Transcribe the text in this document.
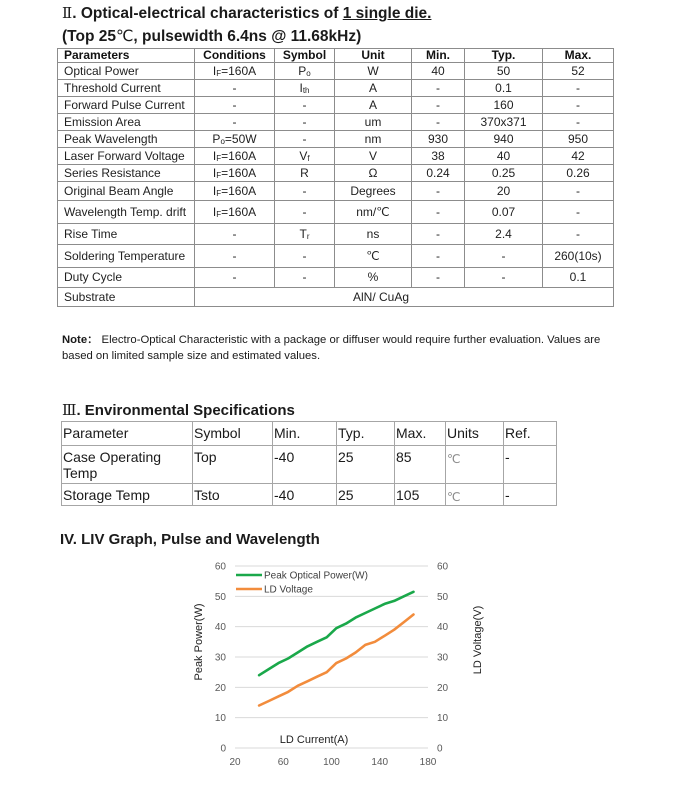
Ⅱ. Optical-electrical characteristics of 1 single die.
(Top 25℃, pulsewidth 6.4ns @ 11.68kHz)
Parameters	Conditions	Symbol	Unit	Min.	Typ.	Max.
Optical Power	$I_F=160A$	$P_o$	W	40	50	52
Threshold Current	-	$I_{th}$	A	-	0.1	-
Forward Pulse Current	-	-	A	-	160	-
Emission Area	-	-	um	-	370x371	-
Peak Wavelength	$P_o=50W$	-	nm	930	940	950
Laser Forward Voltage	$I_F=160A$	$V_f$	V	38	40	42
Series Resistance	$I_F=160A$	R	Ω	0.24	0.25	0.26
Original Beam Angle	$I_F=160A$	-	Degrees	-	20	-
Wavelength Temp. drift	$I_F=160A$	-	nm/℃	-	0.07	-
Rise Time	-	$T_r$	ns	-	2.4	-
Soldering Temperature	-	-	℃	-	-	260(10s)
Duty Cycle	-	-	%	-	-	0.1
Substrate	AlN/ CuAg					
Note： Electro-Optical Characteristic with a package or diffuser would require further evaluation. Values are based on limited sample size and estimated values.
Ⅲ. Environmental Specifications
Parameter	Symbol	Min.	Typ.	Max.	Units	Ref.
Case Operating Temp	Top	-40	25	85	℃	-
Storage Temp	Tsto	-40	25	105	℃	-
IV. LIV Graph, Pulse and Wavelength
0
10
20
30
40
50
60
0
10
20
30
40
50
60
20	60	100	140	180
Peak Optical Power(W)
LD Voltage
LD Current(A)
Peak Power(W)	LD Voltage(V)
